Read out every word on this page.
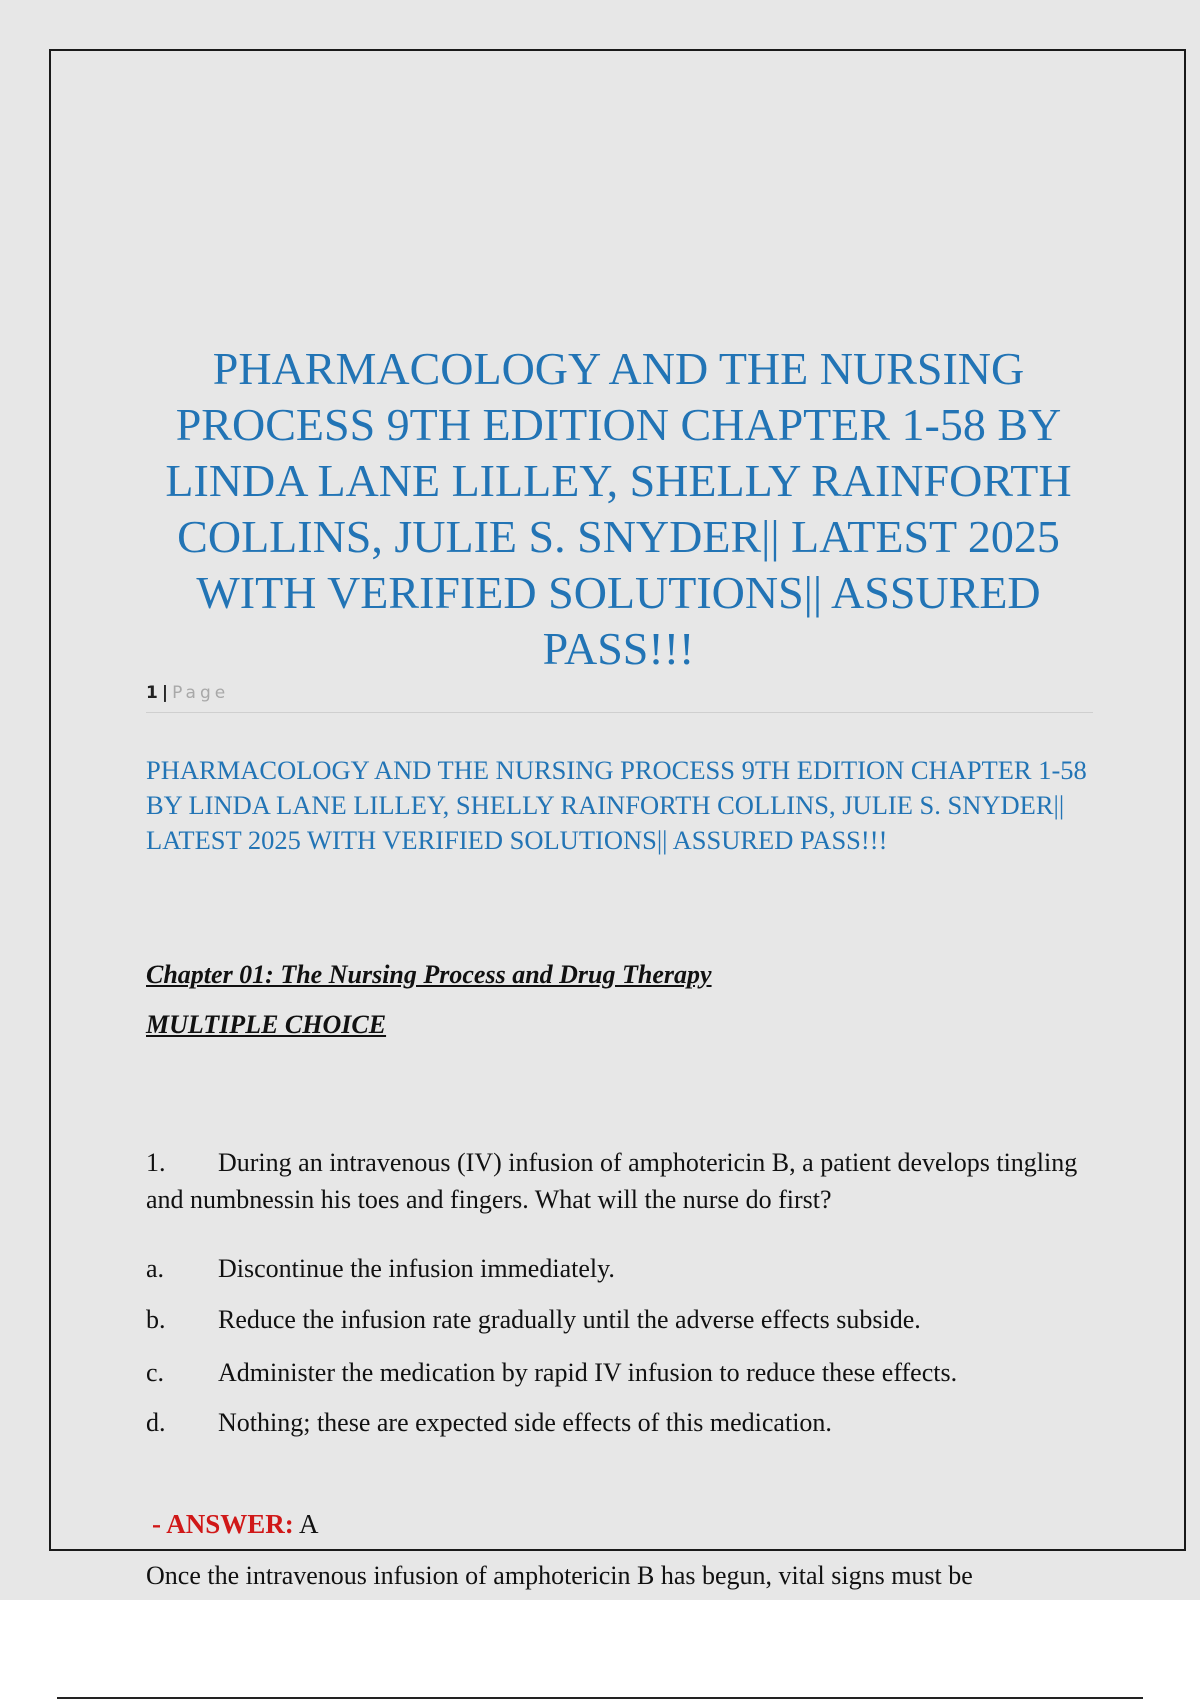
PHARMACOLOGY AND THE NURSING PROCESS 9TH EDITION CHAPTER 1-58 BY LINDA LANE LILLEY, SHELLY RAINFORTH COLLINS, JULIE S. SNYDER|| LATEST 2025 WITH VERIFIED SOLUTIONS|| ASSURED PASS!!!
1 | Page
PHARMACOLOGY AND THE NURSING PROCESS 9TH EDITION CHAPTER 1-58 BY LINDA LANE LILLEY, SHELLY RAINFORTH COLLINS, JULIE S. SNYDER|| LATEST 2025 WITH VERIFIED SOLUTIONS|| ASSURED PASS!!!

Chapter 01: The Nursing Process and Drug Therapy

MULTIPLE CHOICE

1. During an intravenous (IV) infusion of amphotericin B, a patient develops tingling and numbnessin his toes and fingers. What will the nurse do first?

a. Discontinue the infusion immediately.

b. Reduce the infusion rate gradually until the adverse effects subside.

c. Administer the medication by rapid IV infusion to reduce these effects.

d. Nothing; these are expected side effects of this medication.

- ANSWER: A

Once the intravenous infusion of amphotericin B has begun, vital signs must be
